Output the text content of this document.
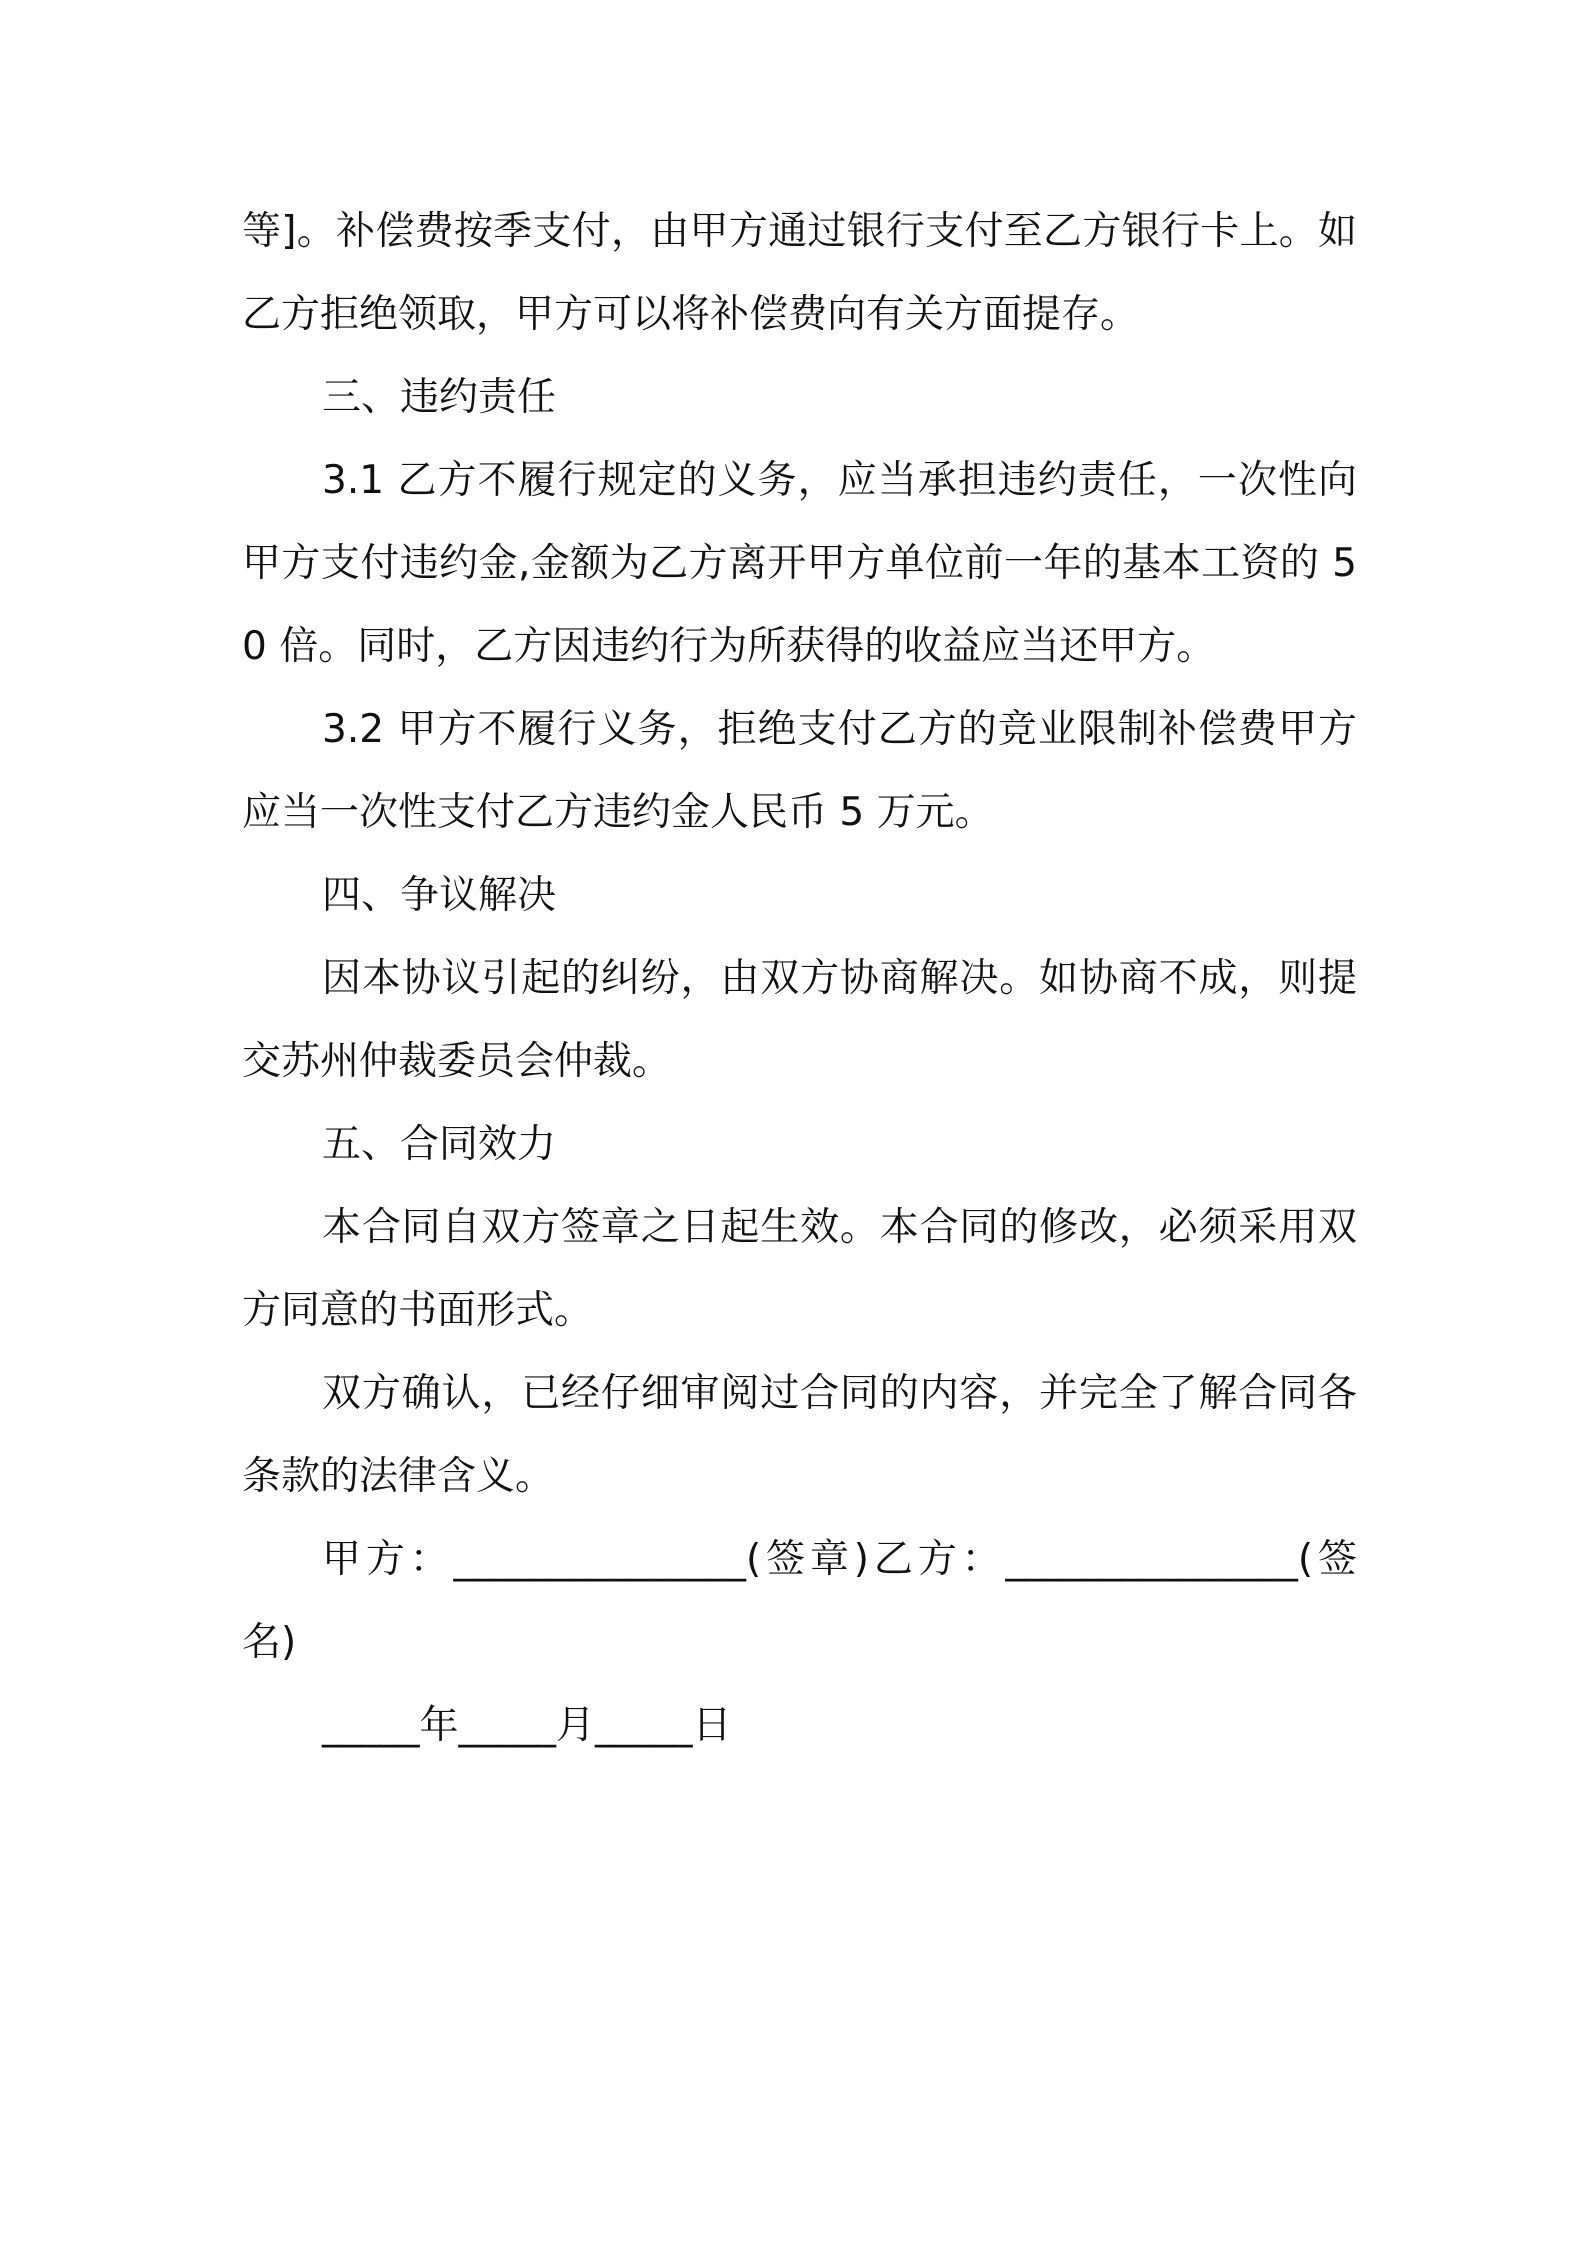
等]。补偿费按季支付，由甲方通过银行支付至乙方银行卡上。如乙方拒绝领取，甲方可以将补偿费向有关方面提存。

三、违约责任

3.1 乙方不履行规定的义务，应当承担违约责任，一次性向甲方支付违约金,金额为乙方离开甲方单位前一年的基本工资的 50 倍。同时，乙方因违约行为所获得的收益应当还甲方。

3.2 甲方不履行义务，拒绝支付乙方的竞业限制补偿费甲方应当一次性支付乙方违约金人民币 5 万元。

四、争议解决

因本协议引起的纠纷，由双方协商解决。如协商不成，则提交苏州仲裁委员会仲裁。

五、合同效力

本合同自双方签章之日起生效。本合同的修改，必须采用双方同意的书面形式。

双方确认，已经仔细审阅过合同的内容，并完全了解合同各条款的法律含义。

甲方：_______________(签章)乙方：_______________(签名)

_____年_____月_____日
